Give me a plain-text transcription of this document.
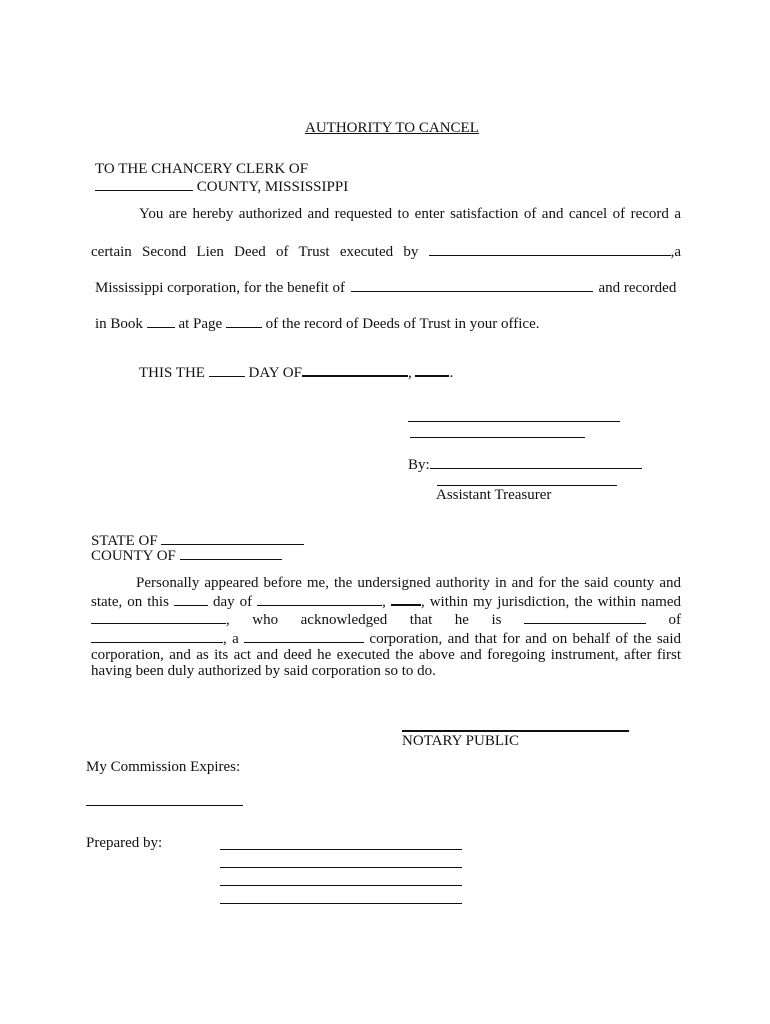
AUTHORITY TO CANCEL
TO THE CHANCERY CLERK OF
COUNTY, MISSISSIPPI
You are hereby authorized and requested to enter satisfaction of and cancel of record a
certain Second Lien Deed of Trust executed by	,a
Mississippi corporation, for the benefit of	and recorded
in Book at Page	of the record of Deeds of Trust in your office.
THIS THE	DAY OF	,	.
By:
Assistant Treasurer
STATE OF
COUNTY OF
Personally appeared before me, the undersigned authority in and for the said county and
state, on this	day of	, , within my jurisdiction, the within named
, who acknowledged that he is	of
, a	corporation, and that for and on behalf of the said
corporation, and as its act and deed he executed the above and foregoing instrument, after first
having been duly authorized by said corporation so to do.
NOTARY PUBLIC
My Commission Expires:
Prepared by:
